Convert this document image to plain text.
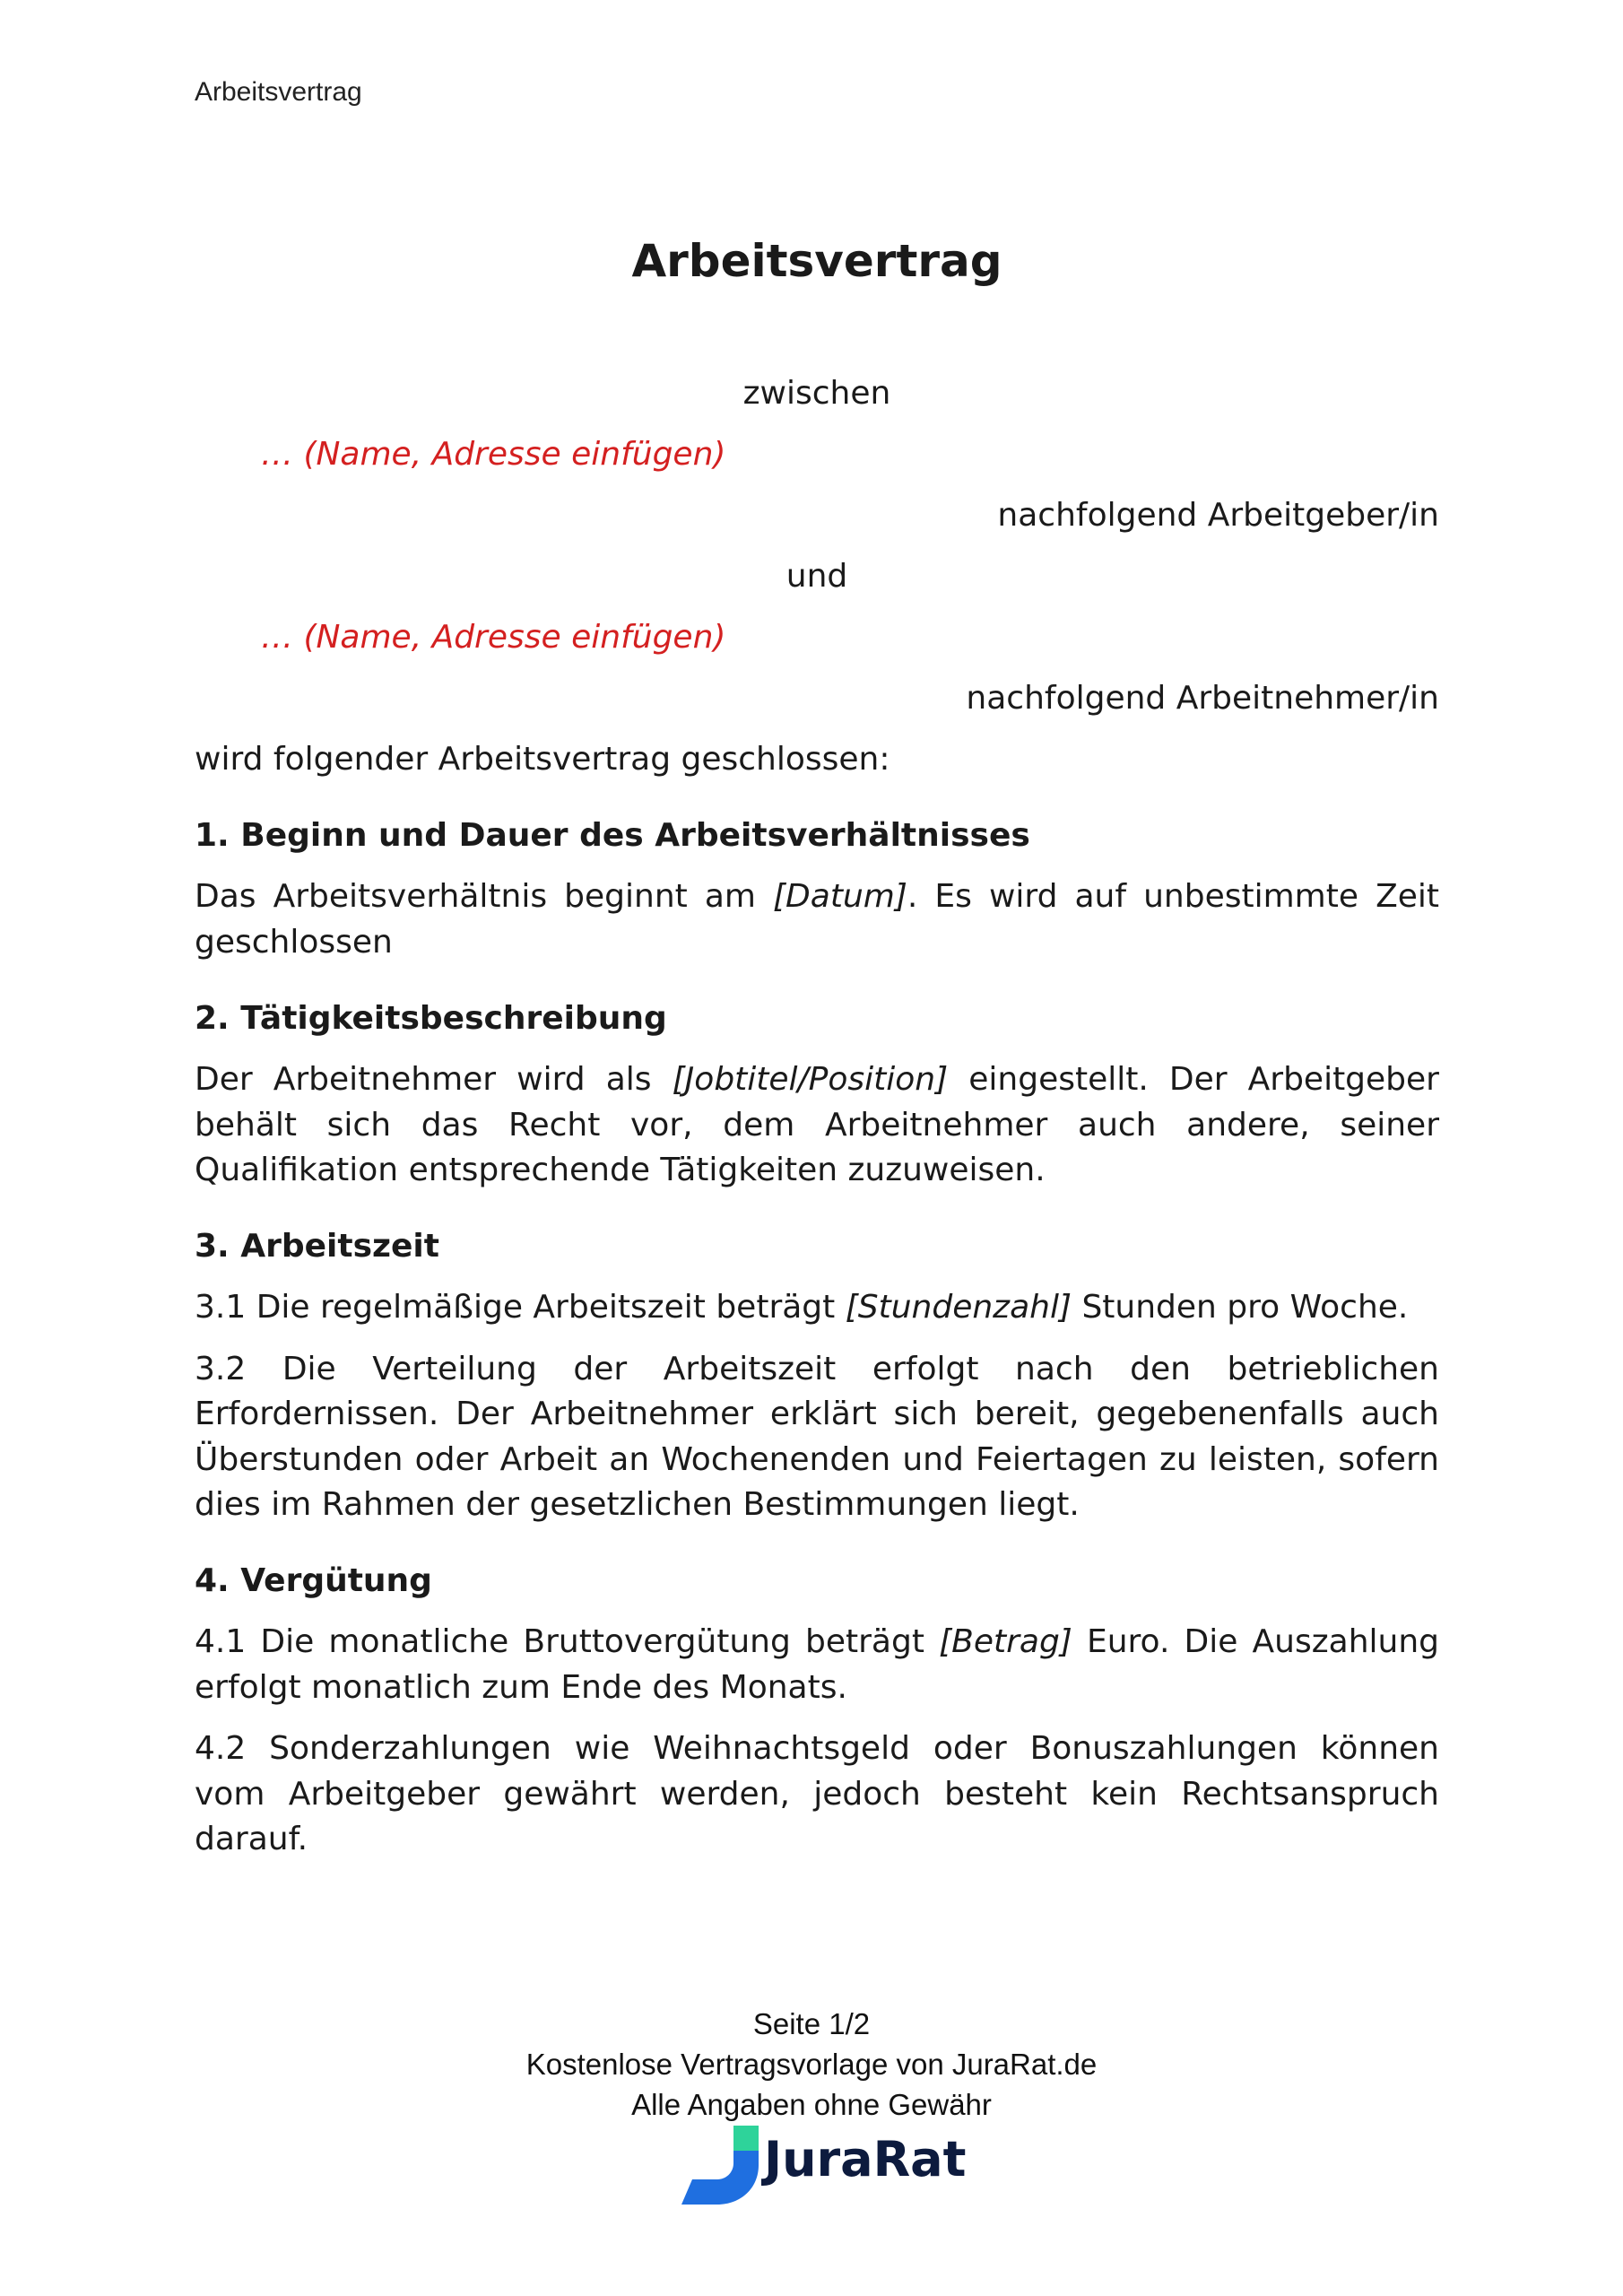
Arbeitsvertrag
Arbeitsvertrag
zwischen
… (Name, Adresse einfügen)
nachfolgend Arbeitgeber/in
und
… (Name, Adresse einfügen)
nachfolgend Arbeitnehmer/in
wird folgender Arbeitsvertrag geschlossen:

1. Beginn und Dauer des Arbeitsverhältnisses

Das Arbeitsverhältnis beginnt am [Datum]. Es wird auf unbestimmte Zeit geschlossen

2. Tätigkeitsbeschreibung

Der Arbeitnehmer wird als [Jobtitel/Position] eingestellt. Der Arbeitgeber behält sich das Recht vor, dem Arbeitnehmer auch andere, seiner Qualifikation entsprechende Tätigkeiten zuzuweisen.

3. Arbeitszeit

3.1 Die regelmäßige Arbeitszeit beträgt [Stundenzahl] Stunden pro Woche.

3.2 Die Verteilung der Arbeitszeit erfolgt nach den betrieblichen Erfordernissen. Der Arbeitnehmer erklärt sich bereit, gegebenenfalls auch Überstunden oder Arbeit an Wochenenden und Feiertagen zu leisten, sofern dies im Rahmen der gesetzlichen Bestimmungen liegt.

4. Vergütung

4.1 Die monatliche Bruttovergütung beträgt [Betrag] Euro. Die Auszahlung erfolgt monatlich zum Ende des Monats.

4.2 Sonderzahlungen wie Weihnachtsgeld oder Bonuszahlungen können vom Arbeitgeber gewährt werden, jedoch besteht kein Rechtsanspruch darauf.

Seite 1/2
Kostenlose Vertragsvorlage von JuraRat.de
Alle Angaben ohne Gewähr
JuraRat
